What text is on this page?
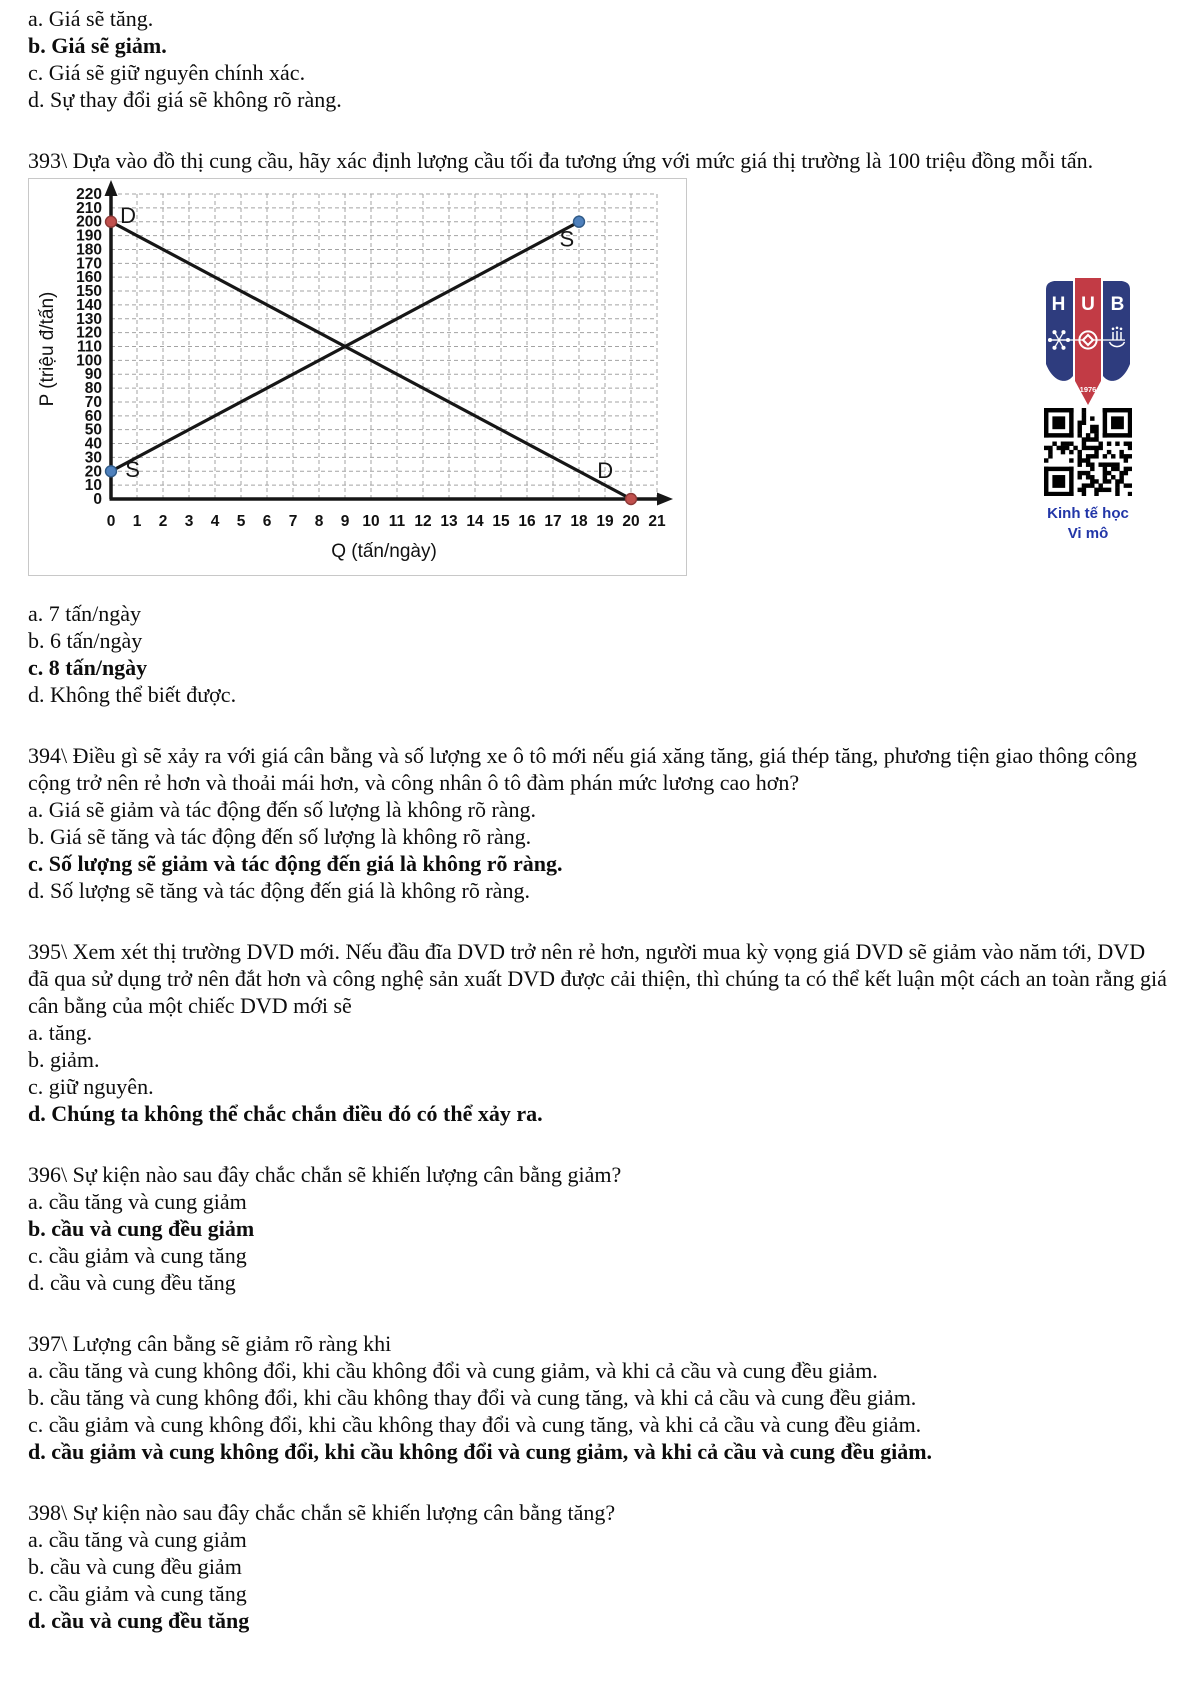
a. Giá sẽ tăng.
b. Giá sẽ giảm.
c. Giá sẽ giữ nguyên chính xác.
d. Sự thay đổi giá sẽ không rõ ràng.
393\ Dựa vào đồ thị cung cầu, hãy xác định lượng cầu tối đa tương ứng với mức giá thị trường là 100 triệu đồng mỗi tấn.
D
S
S
D
0 1 2 3 4 5 6 7 8 9 10 11 12 13 14 15 16 17 18 19 20 21
0
10
20
30
40
50
60
70
80
90
100
110
120
130
140
150
160
170
180
190
200
210
220
Q (tấn/ngày)
P (triệu đ/tấn)
a. 7 tấn/ngày
b. 6 tấn/ngày
c. 8 tấn/ngày
d. Không thể biết được.
394\ Điều gì sẽ xảy ra với giá cân bằng và số lượng xe ô tô mới nếu giá xăng tăng, giá thép tăng, phương tiện giao thông công cộng trở nên rẻ hơn và thoải mái hơn, và công nhân ô tô đàm phán mức lương cao hơn?
a. Giá sẽ giảm và tác động đến số lượng là không rõ ràng.
b. Giá sẽ tăng và tác động đến số lượng là không rõ ràng.
c. Số lượng sẽ giảm và tác động đến giá là không rõ ràng.
d. Số lượng sẽ tăng và tác động đến giá là không rõ ràng.
395\ Xem xét thị trường DVD mới. Nếu đầu đĩa DVD trở nên rẻ hơn, người mua kỳ vọng giá DVD sẽ giảm vào năm tới, DVD đã qua sử dụng trở nên đắt hơn và công nghệ sản xuất DVD được cải thiện, thì chúng ta có thể kết luận một cách an toàn rằng giá cân bằng của một chiếc DVD mới sẽ
a. tăng.
b. giảm.
c. giữ nguyên.
d. Chúng ta không thể chắc chắn điều đó có thể xảy ra.
396\ Sự kiện nào sau đây chắc chắn sẽ khiến lượng cân bằng giảm?
a. cầu tăng và cung giảm
b. cầu và cung đều giảm
c. cầu giảm và cung tăng
d. cầu và cung đều tăng
397\ Lượng cân bằng sẽ giảm rõ ràng khi
a. cầu tăng và cung không đổi, khi cầu không đổi và cung giảm, và khi cả cầu và cung đều giảm.
b. cầu tăng và cung không đổi, khi cầu không thay đổi và cung tăng, và khi cả cầu và cung đều giảm.
c. cầu giảm và cung không đổi, khi cầu không thay đổi và cung tăng, và khi cả cầu và cung đều giảm.
d. cầu giảm và cung không đổi, khi cầu không đổi và cung giảm, và khi cả cầu và cung đều giảm.
398\ Sự kiện nào sau đây chắc chắn sẽ khiến lượng cân bằng tăng?
a. cầu tăng và cung giảm
b. cầu và cung đều giảm
c. cầu giảm và cung tăng
d. cầu và cung đều tăng
H U B
1976
Kinh tế học
Vi mô
